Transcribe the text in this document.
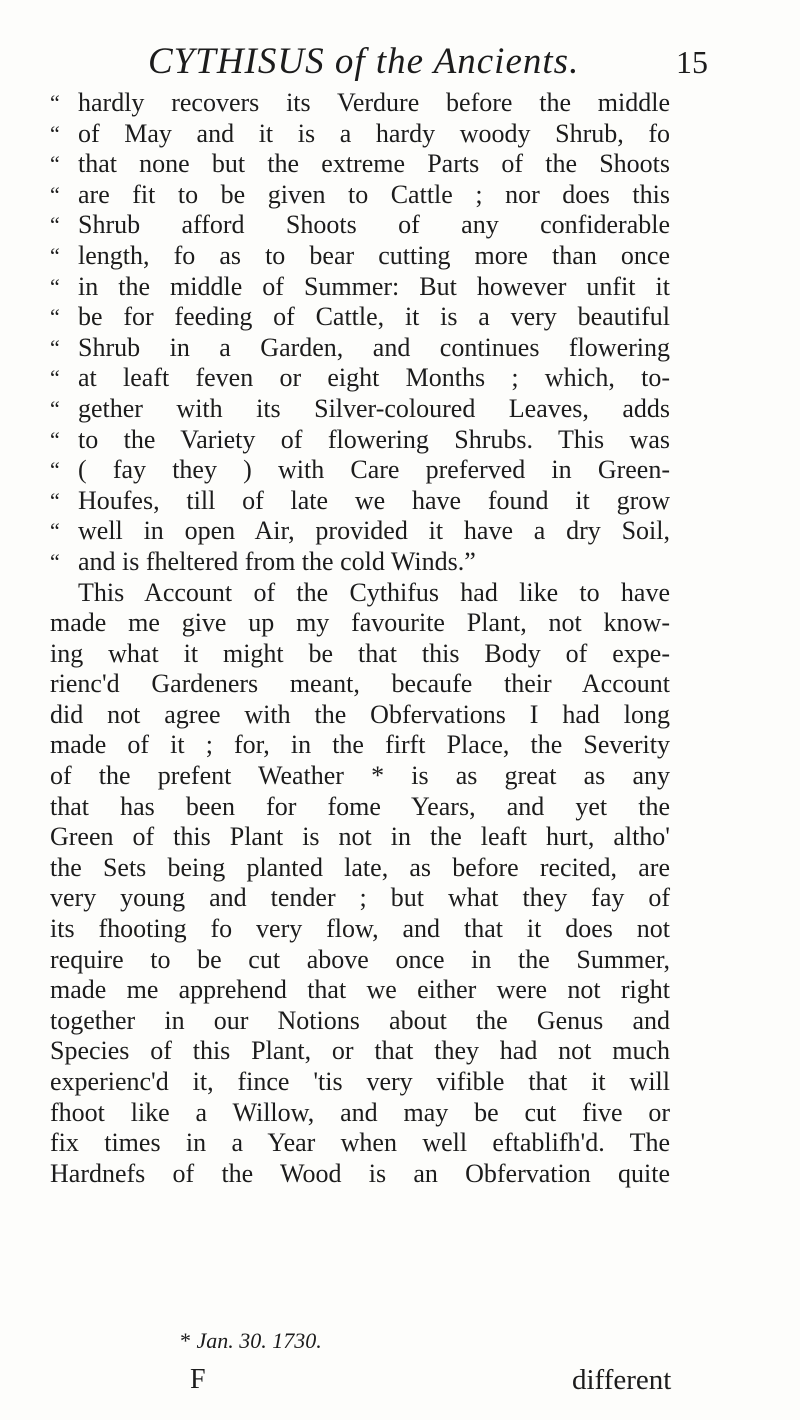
CYTHISUS of the Ancients.	15
“ hardly recovers its Verdure before the middle
“ of May and it is a hardy woody Shrub, fo
“ that none but the extreme Parts of the Shoots
“ are fit to be given to Cattle ; nor does this
“ Shrub afford Shoots of any confiderable
“ length, fo as to bear cutting more than once
“ in the middle of Summer: But however unfit it
“ be for feeding of Cattle, it is a very beautiful
“ Shrub in a Garden, and continues flowering
“ at leaft feven or eight Months ; which, to-
“ gether with its Silver-coloured Leaves, adds
“ to the Variety of flowering Shrubs. This was
“ ( fay they ) with Care preferved in Green-
“ Houfes, till of late we have found it grow
“ well in open Air, provided it have a dry Soil,
“ and is fheltered from the cold Winds.”
This Account of the Cythifus had like to have
made me give up my favourite Plant, not know-
ing what it might be that this Body of expe-
rienc'd Gardeners meant, becaufe their Account
did not agree with the Obfervations I had long
made of it ; for, in the firft Place, the Severity
of the prefent Weather * is as great as any
that has been for fome Years, and yet the
Green of this Plant is not in the leaft hurt, altho'
the Sets being planted late, as before recited, are
very young and tender ; but what they fay of
its fhooting fo very flow, and that it does not
require to be cut above once in the Summer,
made me apprehend that we either were not right
together in our Notions about the Genus and
Species of this Plant, or that they had not much
experienc'd it, fince 'tis very vifible that it will
fhoot like a Willow, and may be cut five or
fix times in a Year when well eftablifh'd. The
Hardnefs of the Wood is an Obfervation quite
* Jan. 30. 1730.
F	different
